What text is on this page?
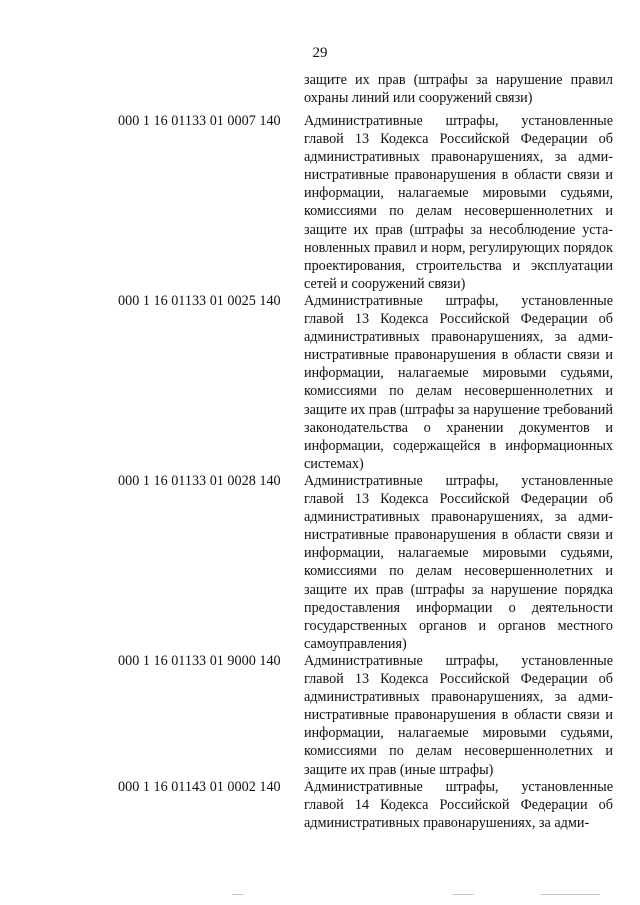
29
защите их прав (штрафы за нарушение правил охраны линий или сооружений связи)
000 1 16 01133 01 0007 140 Административные штрафы, установленные главой 13 Кодекса Российской Федерации об административных правонарушениях, за административные правонарушения в области связи и информации, налагаемые мировыми судьями, комиссиями по делам несовершеннолетних и защите их прав (штрафы за несоблюдение установленных правил и норм, регулирующих порядок проектирования, строительства и эксплуатации сетей и сооружений связи)
000 1 16 01133 01 0025 140 Административные штрафы, установленные главой 13 Кодекса Российской Федерации об административных правонарушениях, за административные правонарушения в области связи и информации, налагаемые мировыми судьями, комиссиями по делам несовершеннолетних и защите их прав (штрафы за нарушение требований законодательства о хранении документов и информации, содержащейся в информационных системах)
000 1 16 01133 01 0028 140 Административные штрафы, установленные главой 13 Кодекса Российской Федерации об административных правонарушениях, за административные правонарушения в области связи и информации, налагаемые мировыми судьями, комиссиями по делам несовершеннолетних и защите их прав (штрафы за нарушение порядка предоставления информации о деятельности государственных органов и органов местного самоуправления)
000 1 16 01133 01 9000 140 Административные штрафы, установленные главой 13 Кодекса Российской Федерации об административных правонарушениях, за административные правонарушения в области связи и информации, налагаемые мировыми судьями, комиссиями по делам несовершеннолетних и защите их прав (иные штрафы)
000 1 16 01143 01 0002 140 Административные штрафы, установленные главой 14 Кодекса Российской Федерации об административных правонарушениях, за адми-
